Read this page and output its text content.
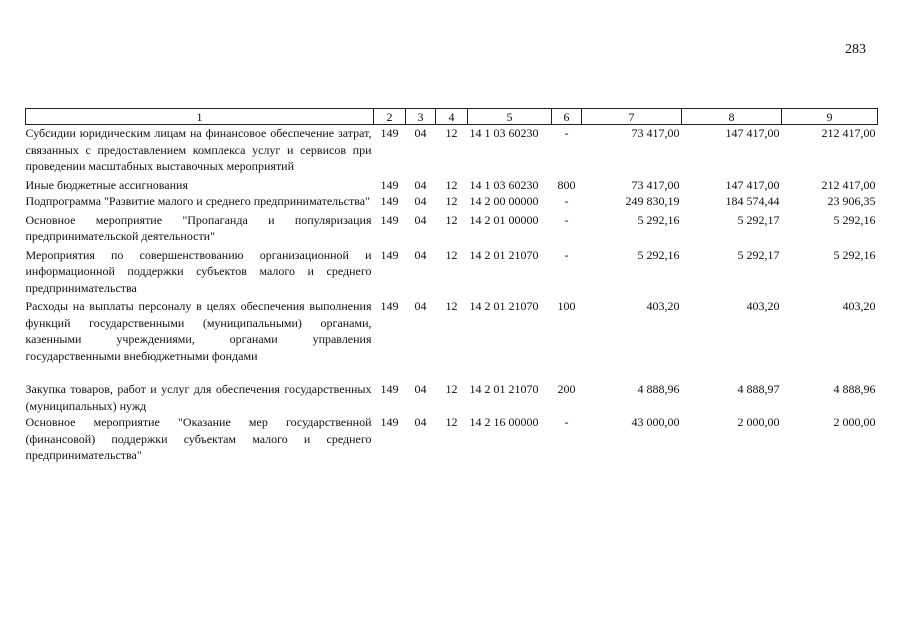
283
1	2	3	4	5	6	7	8	9
Субсидии юридическим лицам на финансовое обеспечение затрат, связанных с предоставлением комплекса услуг и сервисов при проведении масштабных выставочных мероприятий	149	04	12	14 1 03 60230	-	73 417,00	147 417,00	212 417,00
Иные бюджетные ассигнования	149	04	12	14 1 03 60230	800	73 417,00	147 417,00	212 417,00
Подпрограмма "Развитие малого и среднего предпринимательства"	149	04	12	14 2 00 00000	-	249 830,19	184 574,44	23 906,35
Основное мероприятие "Пропаганда и популяризация предпринимательской деятельности"	149	04	12	14 2 01 00000	-	5 292,16	5 292,17	5 292,16
Мероприятия по совершенствованию организационной и информационной поддержки субъектов малого и среднего предпринимательства	149	04	12	14 2 01 21070	-	5 292,16	5 292,17	5 292,16
Расходы на выплаты персоналу в целях обеспечения выполнения функций государственными (муниципальными) органами, казенными учреждениями, органами управления государственными внебюджетными фондами	149	04	12	14 2 01 21070	100	403,20	403,20	403,20
Закупка товаров, работ и услуг для обеспечения государственных (муниципальных) нужд	149	04	12	14 2 01 21070	200	4 888,96	4 888,97	4 888,96
Основное мероприятие "Оказание мер государственной (финансовой) поддержки субъектам малого и среднего предпринимательства"	149	04	12	14 2 16 00000	-	43 000,00	2 000,00	2 000,00
